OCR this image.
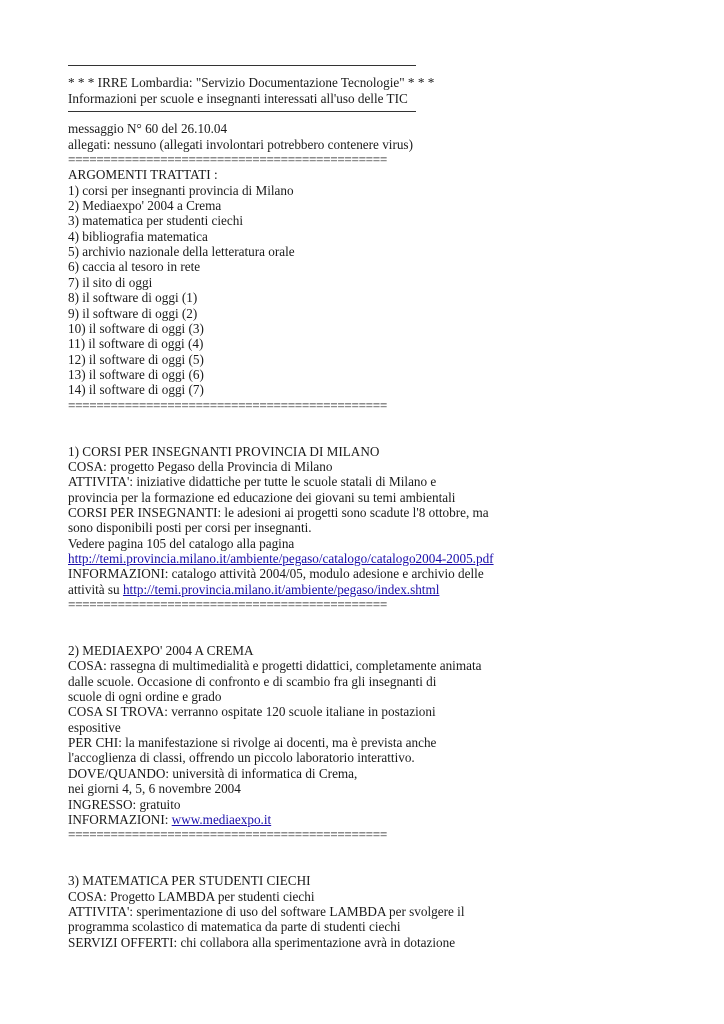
* * * IRRE Lombardia: "Servizio Documentazione Tecnologie" * * *
Informazioni per scuole e insegnanti interessati all'uso delle TIC
messaggio N° 60 del 26.10.04
allegati: nessuno (allegati involontari potrebbero contenere virus)
=============================================
ARGOMENTI TRATTATI :
1) corsi per insegnanti provincia di Milano
2) Mediaexpo' 2004 a Crema
3) matematica per studenti ciechi
4) bibliografia matematica
5) archivio nazionale della letteratura orale
6) caccia al tesoro in rete
7) il sito di oggi
8) il software di oggi (1)
9) il software di oggi (2)
10) il software di oggi (3)
11) il software di oggi (4)
12) il software di oggi (5)
13) il software di oggi (6)
14) il software di oggi (7)
=============================================
1) CORSI PER INSEGNANTI PROVINCIA DI MILANO
COSA: progetto Pegaso della Provincia di Milano
ATTIVITA': iniziative didattiche per tutte le scuole statali di Milano e
provincia per la formazione ed educazione dei giovani su temi ambientali
CORSI PER INSEGNANTI: le adesioni ai progetti sono scadute l'8 ottobre, ma
sono disponibili posti per corsi per insegnanti.
Vedere pagina 105 del catalogo alla pagina
http://temi.provincia.milano.it/ambiente/pegaso/catalogo/catalogo2004-2005.pdf
INFORMAZIONI: catalogo attività 2004/05, modulo adesione e archivio delle
attività su http://temi.provincia.milano.it/ambiente/pegaso/index.shtml
=============================================
2) MEDIAEXPO' 2004 A CREMA
COSA: rassegna di multimedialità e progetti didattici, completamente animata
dalle scuole. Occasione di confronto e di scambio fra gli insegnanti di
scuole di ogni ordine e grado
COSA SI TROVA: verranno ospitate 120 scuole italiane in postazioni
espositive
PER CHI: la manifestazione si rivolge ai docenti, ma è prevista anche
l'accoglienza di classi, offrendo un piccolo laboratorio interattivo.
DOVE/QUANDO: università di informatica di Crema,
nei giorni 4, 5, 6 novembre 2004
INGRESSO: gratuito
INFORMAZIONI: www.mediaexpo.it
=============================================
3) MATEMATICA PER STUDENTI CIECHI
COSA: Progetto LAMBDA per studenti ciechi
ATTIVITA': sperimentazione di uso del software LAMBDA per svolgere il
programma scolastico di matematica da parte di studenti ciechi
SERVIZI OFFERTI: chi collabora alla sperimentazione avrà in dotazione
